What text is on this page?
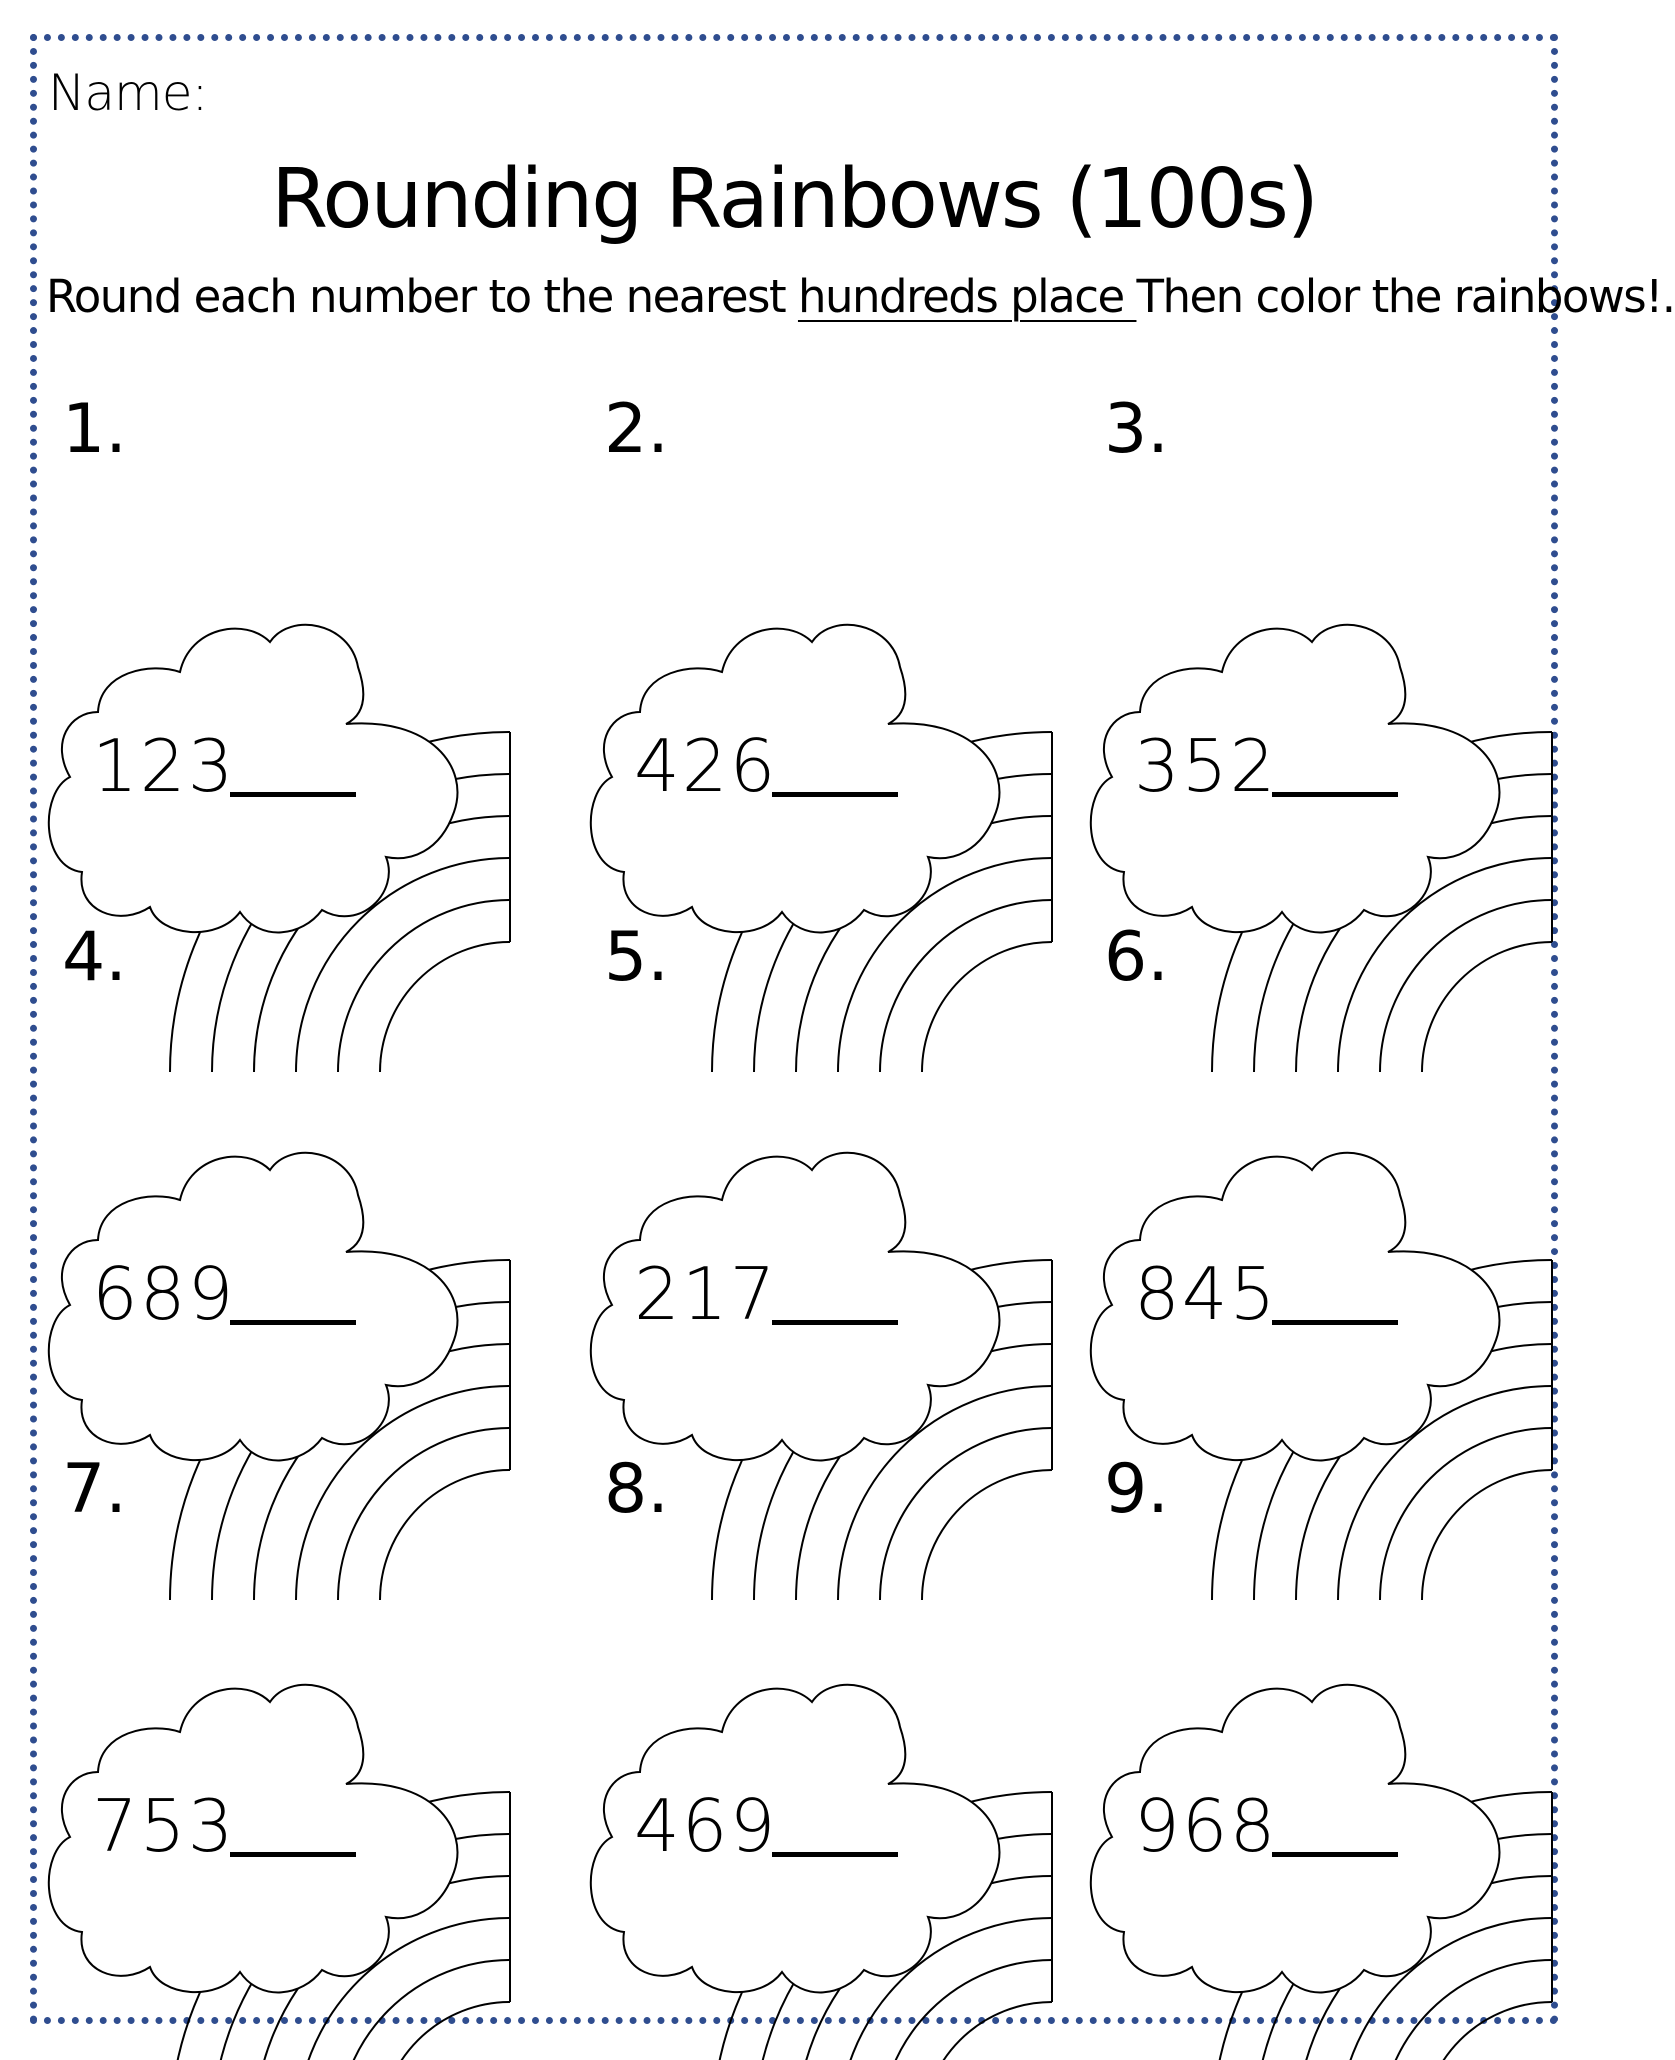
Name:
Rounding Rainbows (100s)
Round each number to the nearest hundreds place Then color the rainbows!.
1.
123
2.
426
3.
352
4.
689
5.
217
6.
845
7.
753
8.
469
9.
968
